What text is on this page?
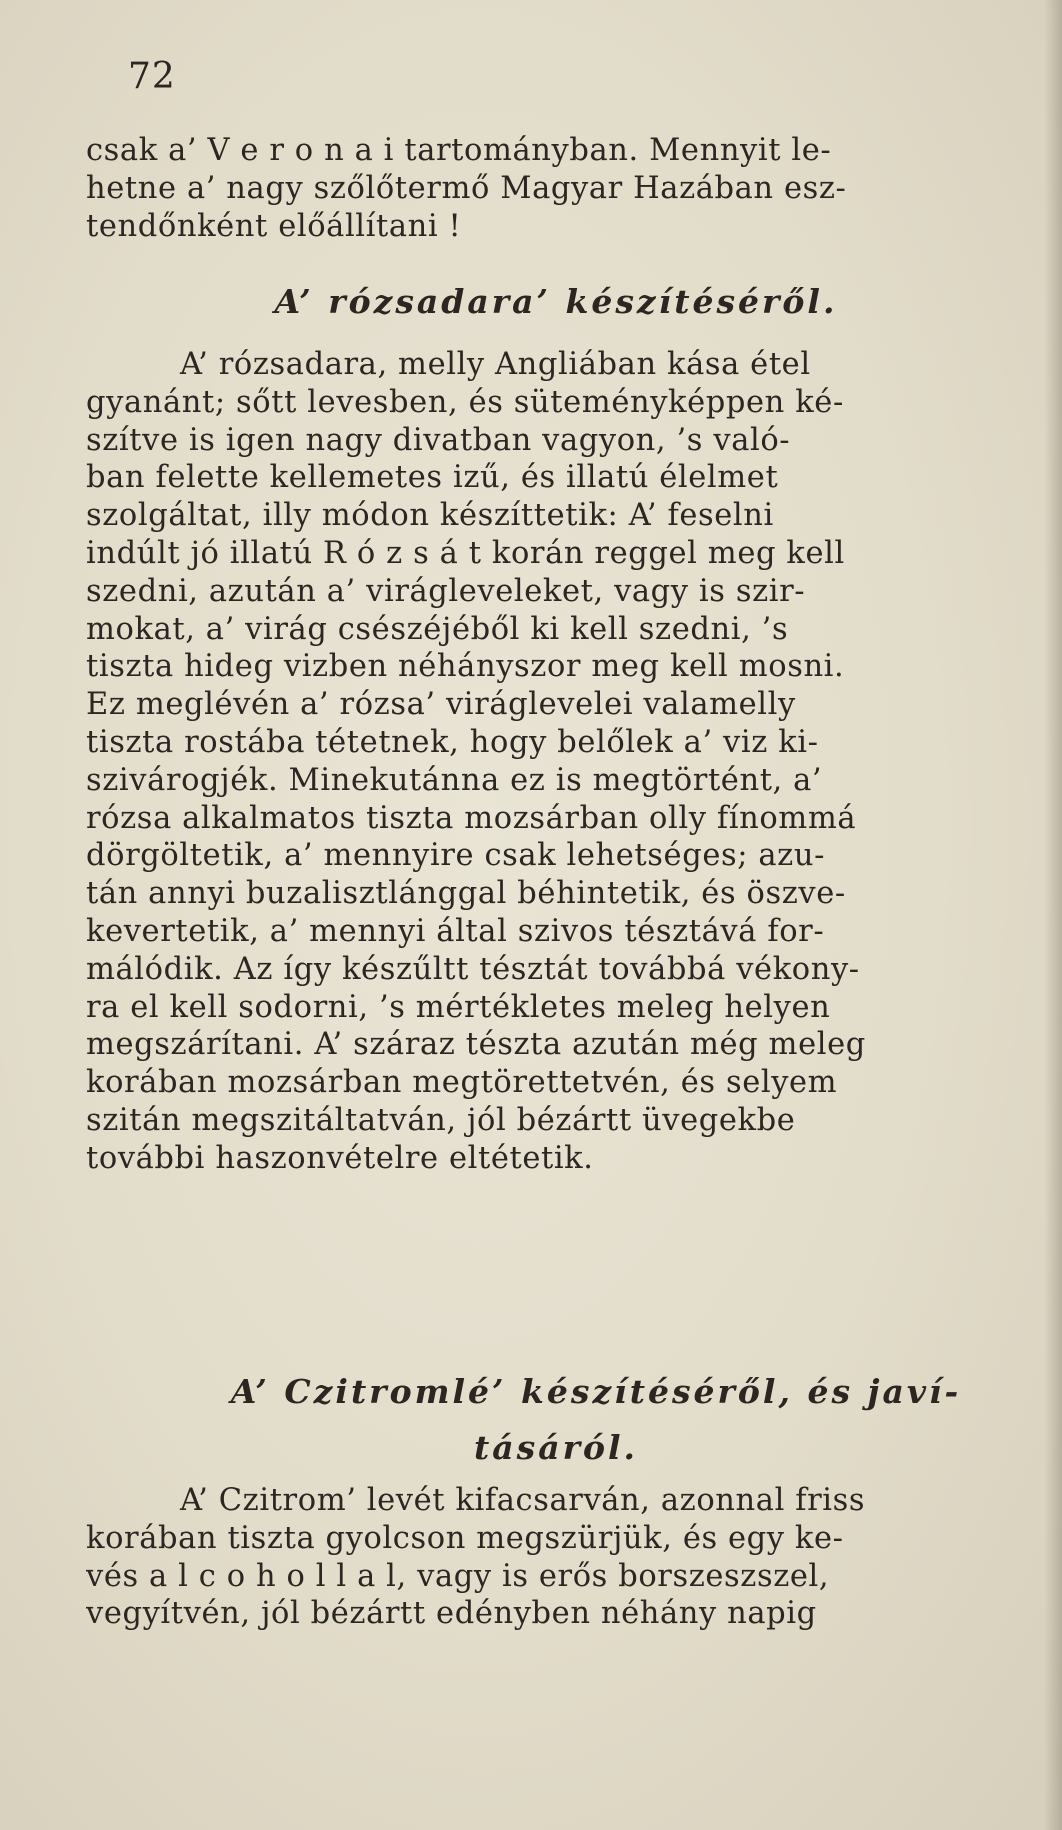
72
csak a’ V e r o n a i tartományban. Mennyit le-
hetne a’ nagy szőlőtermő Magyar Hazában esz-
tendőnként előállítani !
A’ rózsadara’ készítéséről.
A’ rózsadara, melly Angliában kása étel
gyanánt; sőtt levesben, és süteményképpen ké-
szítve is igen nagy divatban vagyon, ’s való-
ban felette kellemetes izű, és illatú élelmet
szolgáltat, illy módon készíttetik: A’ feselni
indúlt jó illatú R ó z s á t korán reggel meg kell
szedni, azután a’ virágleveleket, vagy is szir-
mokat, a’ virág csészéjéből ki kell szedni, ’s
tiszta hideg vizben néhányszor meg kell mosni.
Ez meglévén a’ rózsa’ viráglevelei valamelly
tiszta rostába tétetnek, hogy belőlek a’ viz ki-
szivárogjék. Minekutánna ez is megtörtént, a’
rózsa alkalmatos tiszta mozsárban olly fínommá
dörgöltetik, a’ mennyire csak lehetséges; azu-
tán annyi buzalisztlánggal béhintetik, és öszve-
kevertetik, a’ mennyi által szivos tésztává for-
málódik. Az így készűltt tésztát továbbá vékony-
ra el kell sodorni, ’s mértékletes meleg helyen
megszárítani. A’ száraz tészta azután még meleg
korában mozsárban megtörettetvén, és selyem
szitán megszitáltatván, jól bézártt üvegekbe
további haszonvételre eltétetik.
A’ Czitromlé’ készítéséről, és javí-
tásáról.
A’ Czitrom’ levét kifacsarván, azonnal friss
korában tiszta gyolcson megszürjük, és egy ke-
vés a l c o h o l l a l, vagy is erős borszeszszel,
vegyítvén, jól bézártt edényben néhány napig
